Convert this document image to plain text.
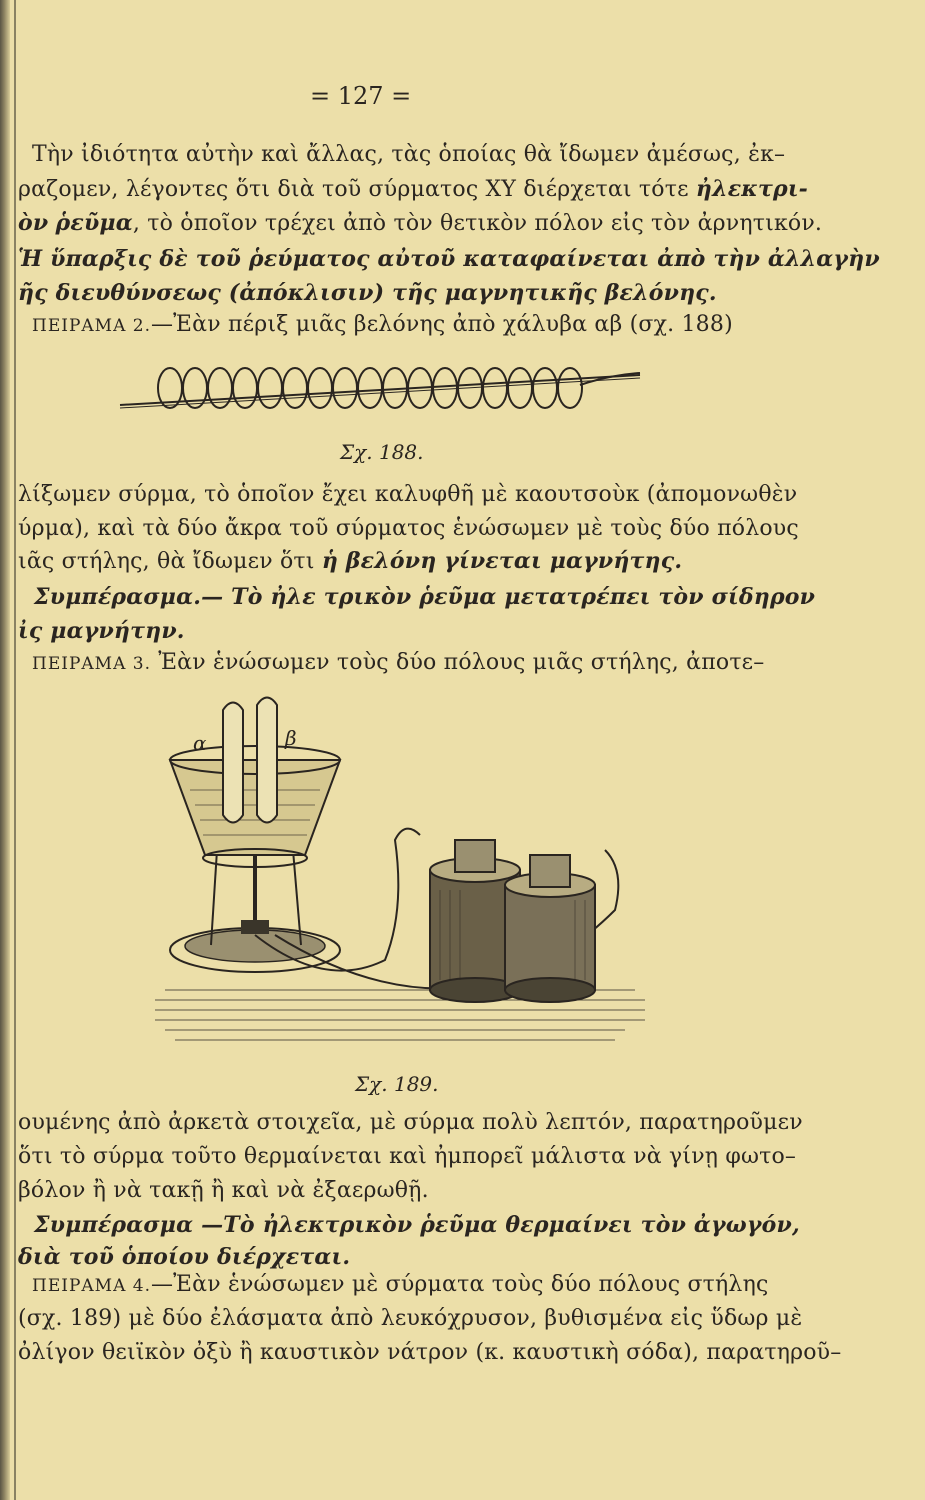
= 127 =
Τὴν ἰδιότητα αὐτὴν καὶ ἄλλας, τὰς ὁποίας θὰ ἴδωμεν ἀμέσως, ἐκ–
ραζομεν, λέγοντες ὅτι διὰ τοῦ σύρματος ΧΥ διέρχεται τότε ἠλεκτρι-
ὸν ῥεῦμα, τὸ ὁποῖον τρέχει ἀπὸ τὸν θετικὸν πόλον εἰς τὸν ἀρνητικόν.
Ἡ ὕπαρξις δὲ τοῦ ῥεύματος αὐτοῦ καταφαίνεται ἀπὸ τὴν ἀλλαγὴν
ῆς διευθύνσεως (ἀπόκλισιν) τῆς μαγνητικῆς βελόνης.
ΠΕΙΡΑΜΑ 2.—Ἐὰν πέριξ μιᾶς βελόνης ἀπὸ χάλυβα αβ (σχ. 188)
Σχ. 188.
λίξωμεν σύρμα, τὸ ὁποῖον ἔχει καλυφθῆ μὲ καουτσοὺκ (ἀπομονωθὲν
ύρμα), καὶ τὰ δύο ἄκρα τοῦ σύρματος ἑνώσωμεν μὲ τοὺς δύο πόλους
ιᾶς στήλης, θὰ ἴδωμεν ὅτι ἡ βελόνη γίνεται μαγνήτης.
Συμπέρασμα.— Τὸ ἠλε τρικὸν ῥεῦμα μετατρέπει τὸν σίδηρον
ἰς μαγνήτην.
ΠΕΙΡΑΜΑ 3. Ἐὰν ἑνώσωμεν τοὺς δύο πόλους μιᾶς στήλης, ἀποτε–
α	β
Σχ. 189.
ουμένης ἀπὸ ἀρκετὰ στοιχεῖα, μὲ σύρμα πολὺ λεπτόν, παρατηροῦμεν
ὅτι τὸ σύρμα τοῦτο θερμαίνεται καὶ ἠμπορεῖ μάλιστα νὰ γίνῃ φωτο–
βόλον ἢ νὰ τακῇ ἢ καὶ νὰ ἐξαερωθῇ.
Συμπέρασμα —Τὸ ἠλεκτρικὸν ῥεῦμα θερμαίνει τὸν ἀγωγόν,
διὰ τοῦ ὁποίου διέρχεται.
ΠΕΙΡΑΜΑ 4.—Ἐὰν ἑνώσωμεν μὲ σύρματα τοὺς δύο πόλους στήλης
(σχ. 189) μὲ δύο ἐλάσματα ἀπὸ λευκόχρυσον, βυθισμένα εἰς ὕδωρ μὲ
ὀλίγον θειϊκὸν ὀξὺ ἢ καυστικὸν νάτρον (κ. καυστικὴ σόδα), παρατηροῦ–
